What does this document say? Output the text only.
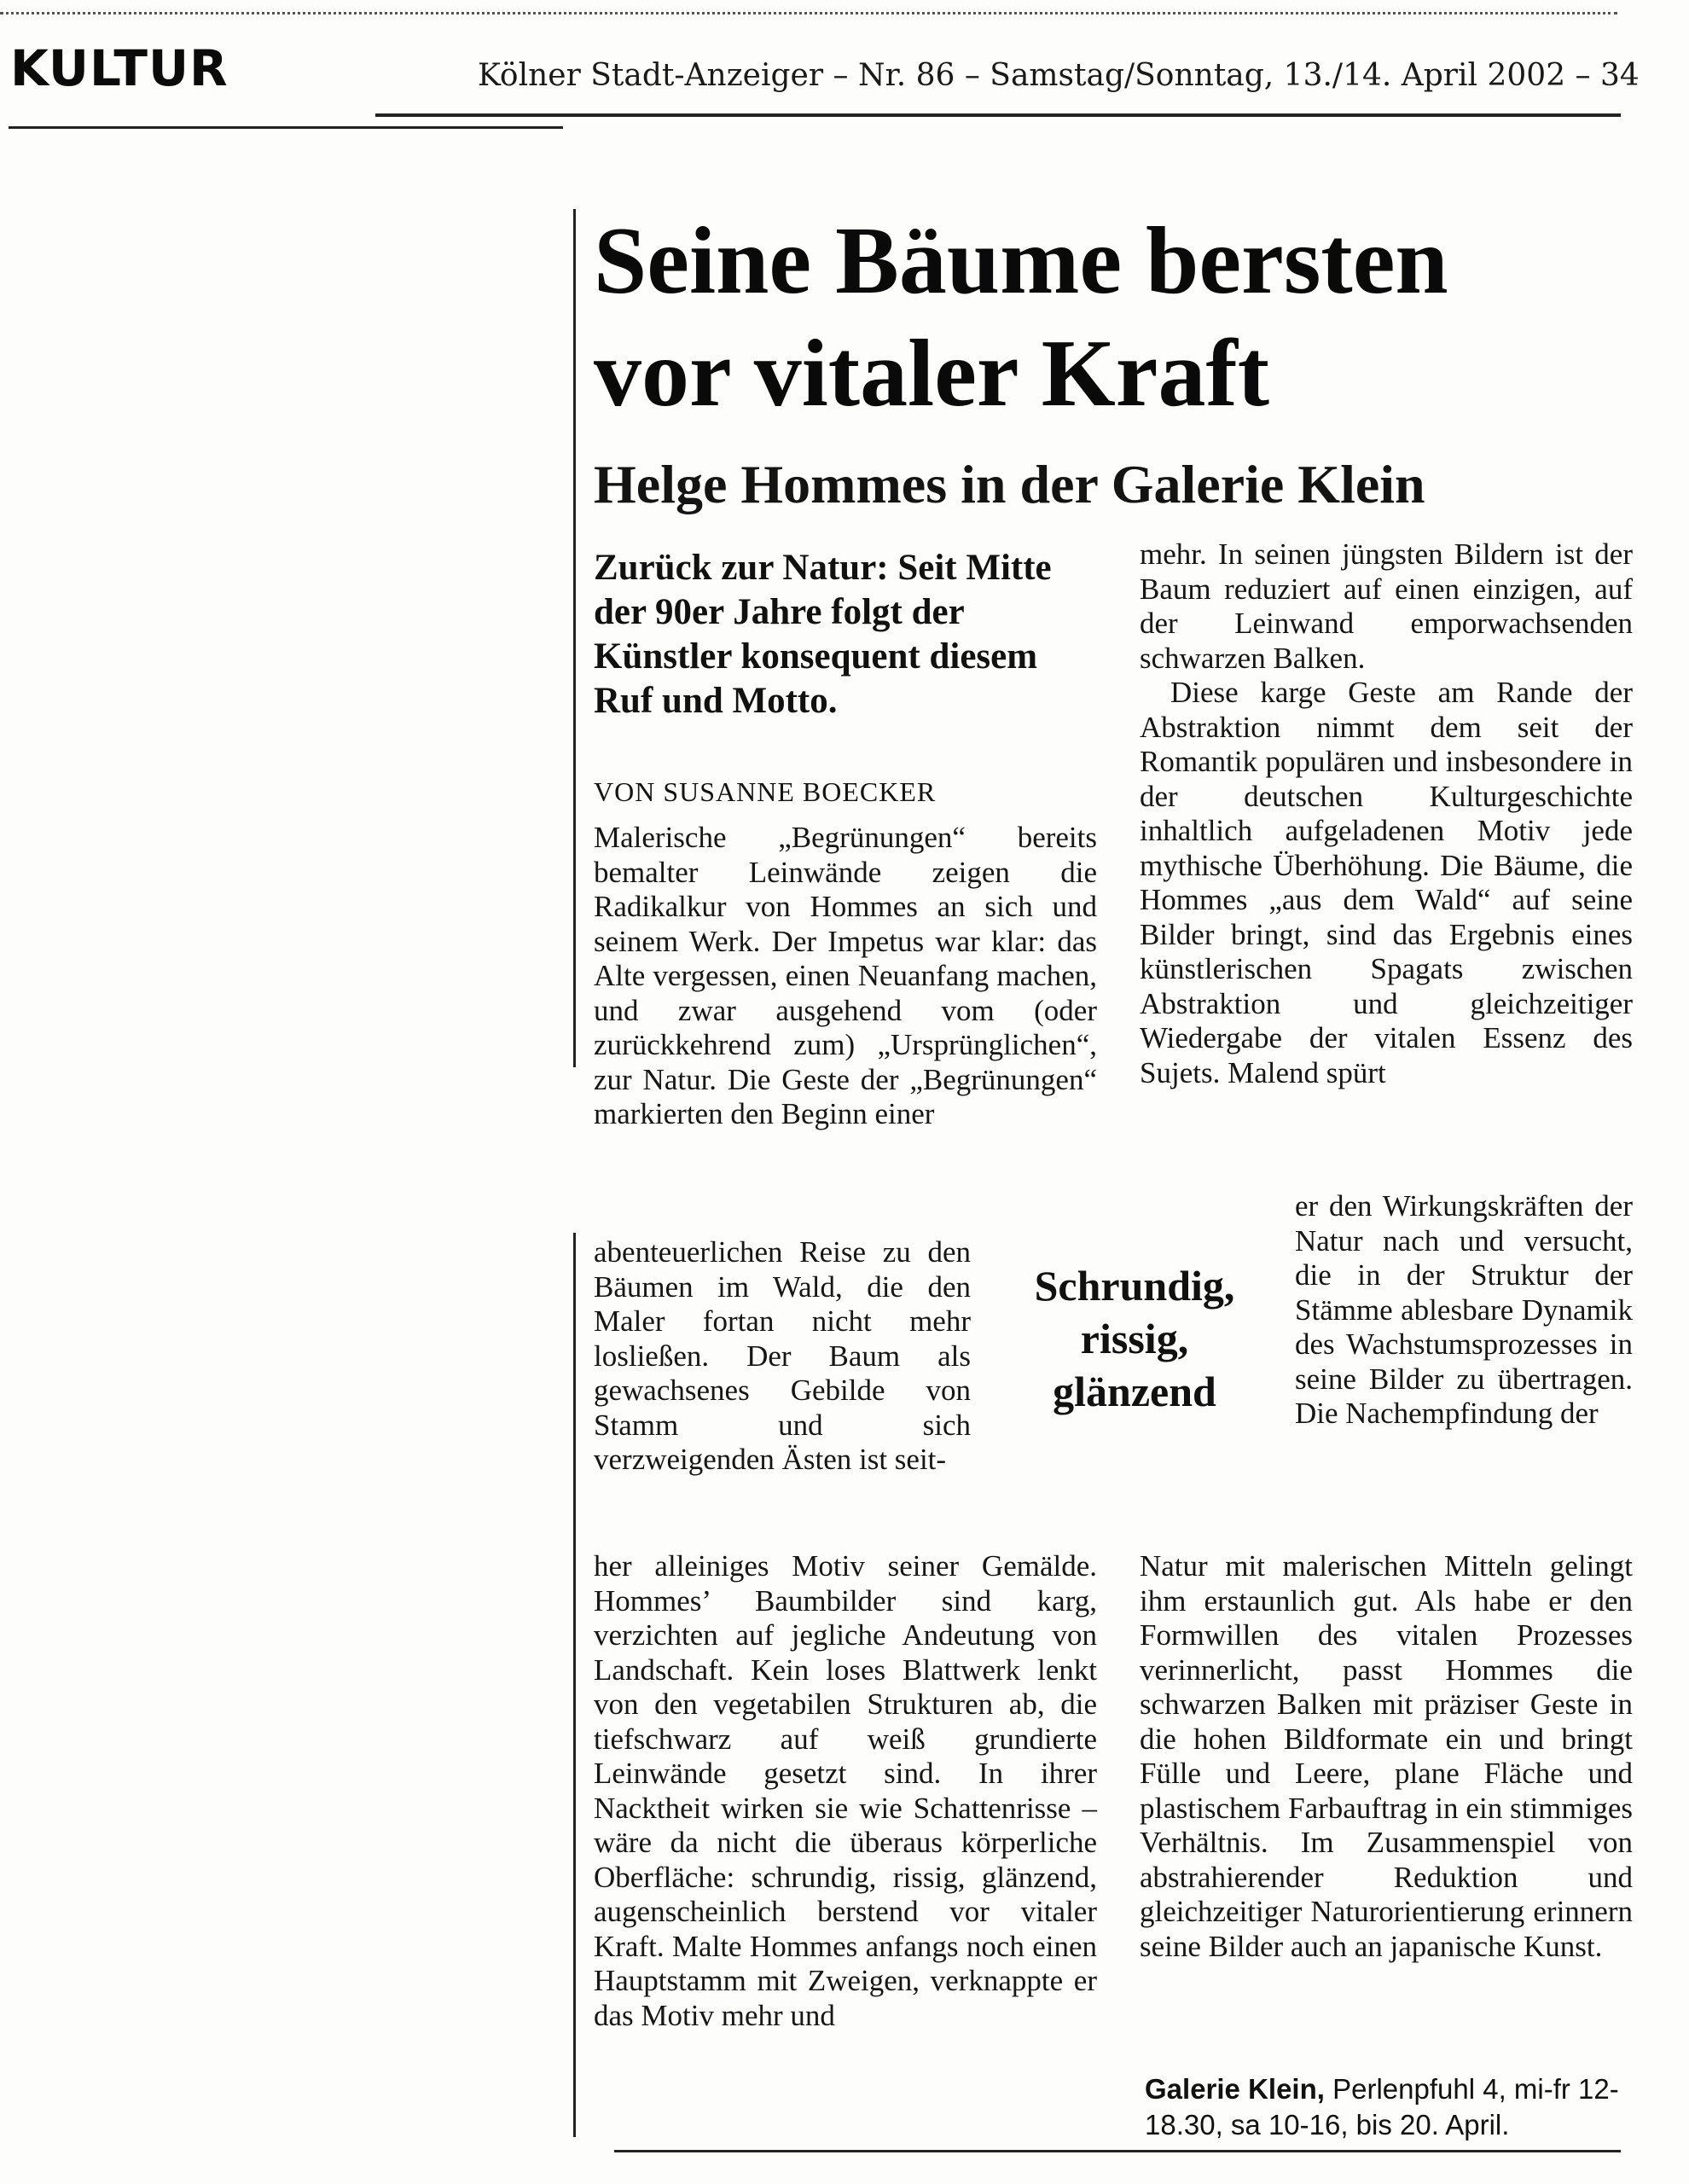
KULTUR	Kölner Stadt-Anzeiger – Nr. 86 – Samstag/Sonntag, 13./14. April 2002 – 34
Seine Bäume bersten
vor vitaler Kraft
Helge Hommes in der Galerie Klein
Zurück zur Natur: Seit Mitte der 90er Jahre folgt der Künstler konsequent diesem Ruf und Motto.
VON SUSANNE BOECKER

Malerische „Begrünungen“ bereits bemalter Leinwände zeigen die Radikalkur von Hommes an sich und seinem Werk. Der Impetus war klar: das Alte vergessen, einen Neuanfang machen, und zwar ausgehend vom (oder zurückkehrend zum) „Ursprünglichen“, zur Natur. Die Geste der „Begrünungen“ markierten den Beginn einer

abenteuerlichen Reise zu den Bäumen im Wald, die den Maler fortan nicht mehr losließen. Der Baum als gewachsenes Gebilde von Stamm und sich verzweigenden Ästen ist seit-

her alleiniges Motiv seiner Gemälde. Hommes’ Baumbilder sind karg, verzichten auf jegliche Andeutung von Landschaft. Kein loses Blattwerk lenkt von den vegetabilen Strukturen ab, die tiefschwarz auf weiß grundierte Leinwände gesetzt sind. In ihrer Nacktheit wirken sie wie Schattenrisse – wäre da nicht die überaus körperliche Oberfläche: schrundig, rissig, glänzend, augenscheinlich berstend vor vitaler Kraft. Malte Hommes anfangs noch einen Hauptstamm mit Zweigen, verknappte er das Motiv mehr und

mehr. In seinen jüngsten Bildern ist der Baum reduziert auf einen einzigen, auf der Leinwand emporwachsenden schwarzen Balken.

Diese karge Geste am Rande der Abstraktion nimmt dem seit der Romantik populären und insbesondere in der deutschen Kulturgeschichte inhaltlich aufgeladenen Motiv jede mythische Überhöhung. Die Bäume, die Hommes „aus dem Wald“ auf seine Bilder bringt, sind das Ergebnis eines künstlerischen Spagats zwischen Abstraktion und gleichzeitiger Wiedergabe der vitalen Essenz des Sujets. Malend spürt

er den Wirkungskräften der Natur nach und versucht, die in der Struktur der Stämme ablesbare Dynamik des Wachstumsprozesses in seine Bilder zu übertragen. Die Nachempfindung der

Natur mit malerischen Mitteln gelingt ihm erstaunlich gut. Als habe er den Formwillen des vitalen Prozesses verinnerlicht, passt Hommes die schwarzen Balken mit präziser Geste in die hohen Bildformate ein und bringt Fülle und Leere, plane Fläche und plastischem Farbauftrag in ein stimmiges Verhältnis. Im Zusammenspiel von abstrahierender Reduktion und gleichzeitiger Naturorientierung erinnern seine Bilder auch an japanische Kunst.

Schrundig,
rissig,
glänzend
Galerie Klein, Perlenpfuhl 4, mi-fr 12-18.30, sa 10-16, bis 20. April.
